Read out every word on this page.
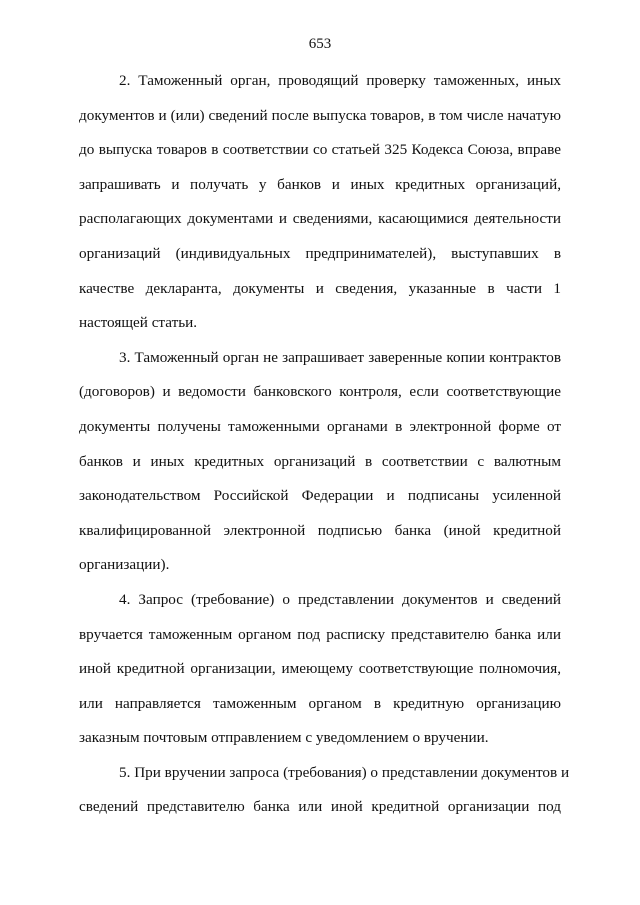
653
2. Таможенный орган, проводящий проверку таможенных, иных
документов и (или) сведений после выпуска товаров, в том числе начатую
до выпуска товаров в соответствии со статьей 325 Кодекса Союза, вправе
запрашивать и получать у банков и иных кредитных организаций,
располагающих документами и сведениями, касающимися деятельности
организаций (индивидуальных предпринимателей), выступавших в
качестве декларанта, документы и сведения, указанные в части 1
настоящей статьи.
3. Таможенный орган не запрашивает заверенные копии контрактов
(договоров) и ведомости банковского контроля, если соответствующие
документы получены таможенными органами в электронной форме от
банков и иных кредитных организаций в соответствии с валютным
законодательством Российской Федерации и подписаны усиленной
квалифицированной электронной подписью банка (иной кредитной
организации).
4. Запрос (требование) о представлении документов и сведений
вручается таможенным органом под расписку представителю банка или
иной кредитной организации, имеющему соответствующие полномочия,
или направляется таможенным органом в кредитную организацию
заказным почтовым отправлением с уведомлением о вручении.
5. При вручении запроса (требования) о представлении документов и
сведений представителю банка или иной кредитной организации под
